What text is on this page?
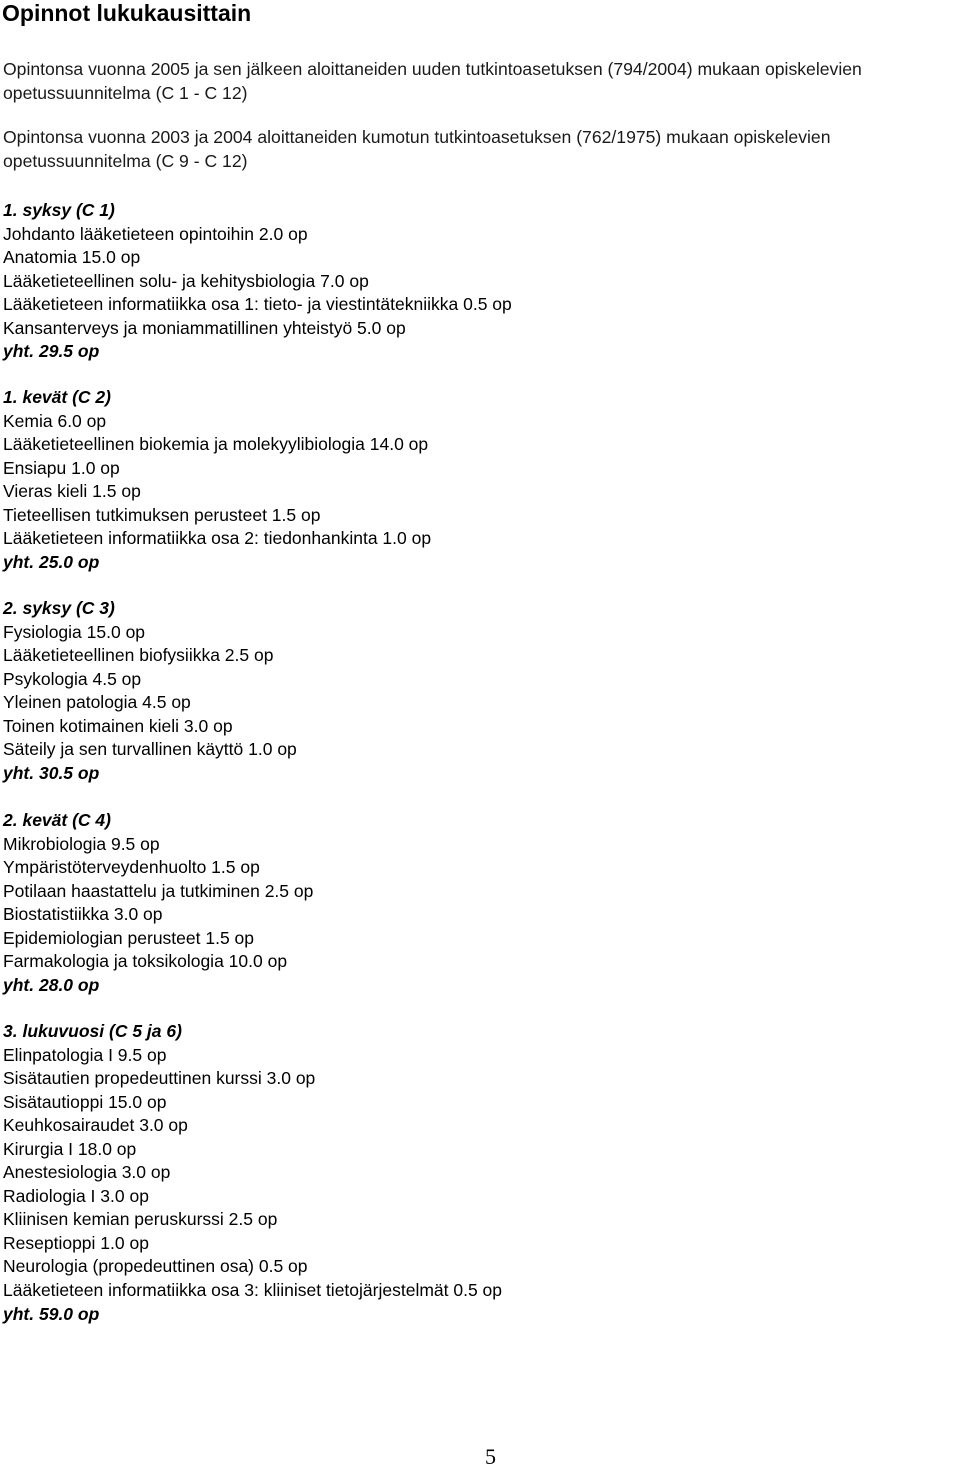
Opinnot lukukausittain
Opintonsa vuonna 2005 ja sen jälkeen aloittaneiden uuden tutkintoasetuksen (794/2004) mukaan opiskelevien opetussuunnitelma (C 1 - C 12)
Opintonsa vuonna 2003 ja 2004 aloittaneiden kumotun tutkintoasetuksen (762/1975) mukaan opiskelevien opetussuunnitelma (C 9 - C 12)
1. syksy (C 1)
Johdanto lääketieteen opintoihin 2.0 op
Anatomia 15.0 op
Lääketieteellinen solu- ja kehitysbiologia 7.0 op
Lääketieteen informatiikka osa 1: tieto- ja viestintätekniikka 0.5 op
Kansanterveys ja moniammatillinen yhteistyö 5.0 op
yht. 29.5 op
1. kevät (C 2)
Kemia 6.0 op
Lääketieteellinen biokemia ja molekyylibiologia 14.0 op
Ensiapu 1.0 op
Vieras kieli 1.5 op
Tieteellisen tutkimuksen perusteet 1.5 op
Lääketieteen informatiikka osa 2: tiedonhankinta 1.0 op
yht. 25.0 op
2. syksy (C 3)
Fysiologia 15.0 op
Lääketieteellinen biofysiikka 2.5 op
Psykologia 4.5 op
Yleinen patologia 4.5 op
Toinen kotimainen kieli 3.0 op
Säteily ja sen turvallinen käyttö 1.0 op
yht. 30.5 op
2. kevät (C 4)
Mikrobiologia 9.5 op
Ympäristöterveydenhuolto 1.5 op
Potilaan haastattelu ja tutkiminen 2.5 op
Biostatistiikka 3.0 op
Epidemiologian perusteet 1.5 op
Farmakologia ja toksikologia 10.0 op
yht. 28.0 op
3. lukuvuosi (C 5 ja 6)
Elinpatologia I 9.5 op
Sisätautien propedeuttinen kurssi 3.0 op
Sisätautioppi 15.0 op
Keuhkosairaudet 3.0 op
Kirurgia I 18.0 op
Anestesiologia 3.0 op
Radiologia I 3.0 op
Kliinisen kemian peruskurssi 2.5 op
Reseptioppi 1.0 op
Neurologia (propedeuttinen osa) 0.5 op
Lääketieteen informatiikka osa 3: kliiniset tietojärjestelmät 0.5 op
yht. 59.0 op
5
